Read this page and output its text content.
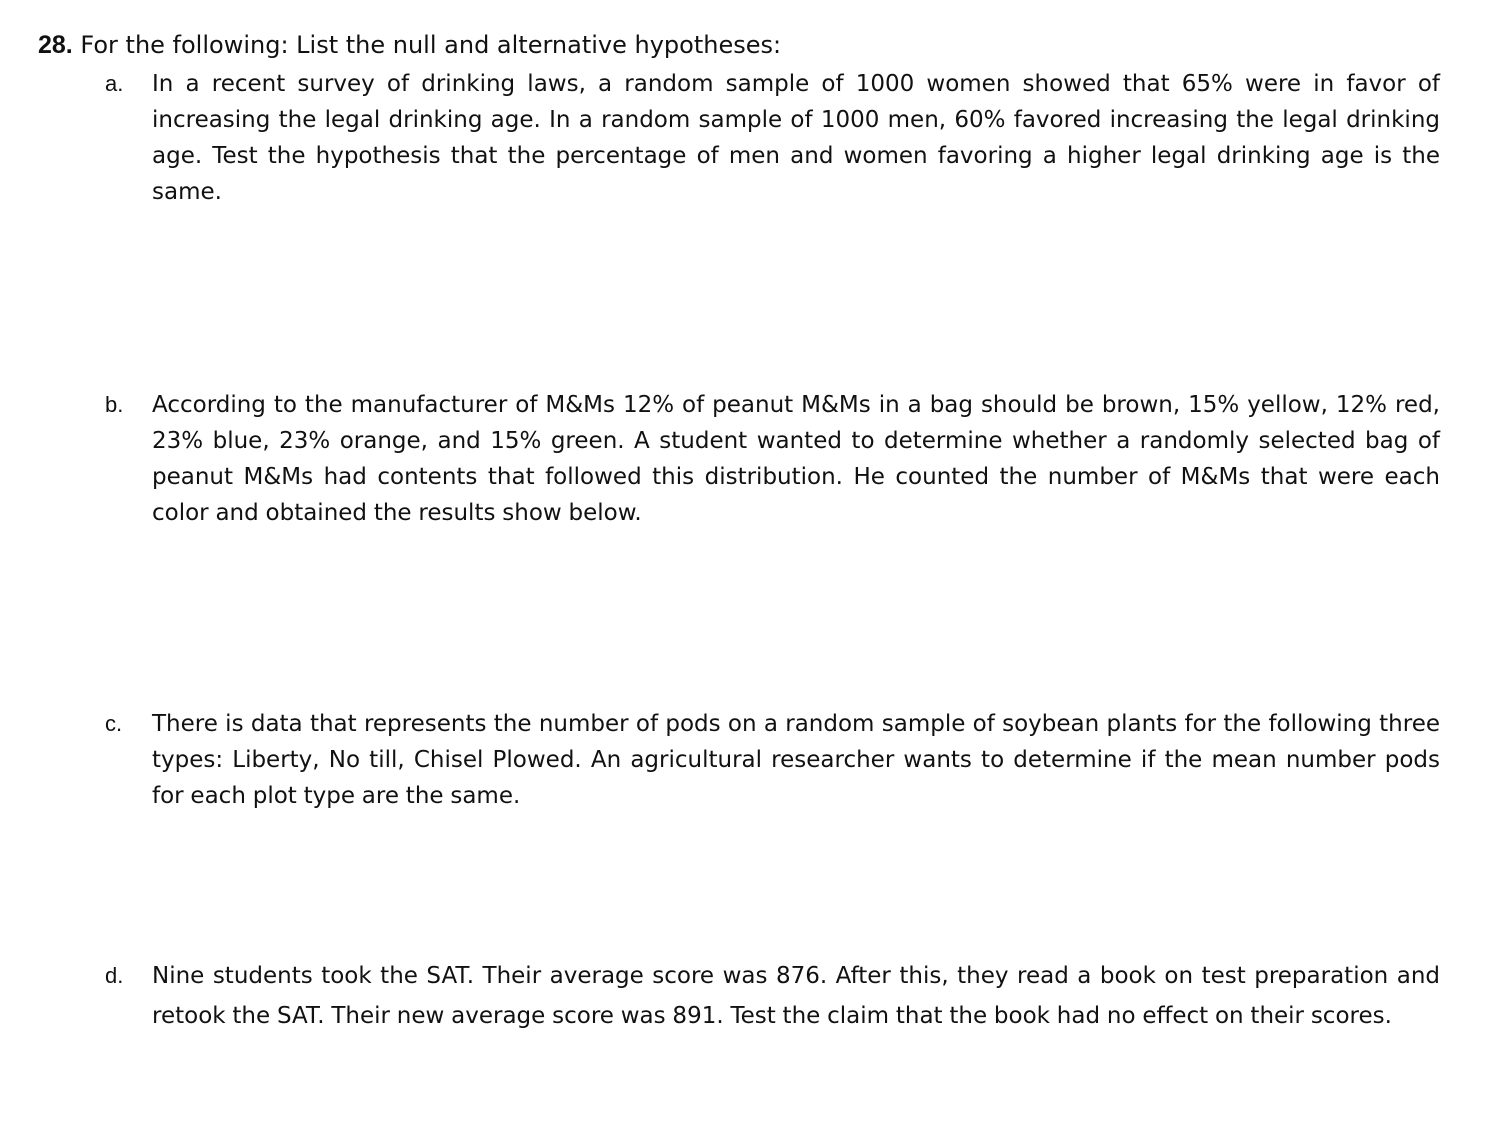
28. For the following: List the null and alternative hypotheses:
a. In a recent survey of drinking laws, a random sample of 1000 women showed that 65% were in favor of increasing the legal drinking age. In a random sample of 1000 men, 60% favored increasing the legal drinking age. Test the hypothesis that the percentage of men and women favoring a higher legal drinking age is the same.
b. According to the manufacturer of M&Ms 12% of peanut M&Ms in a bag should be brown, 15% yellow, 12% red, 23% blue, 23% orange, and 15% green. A student wanted to determine whether a randomly selected bag of peanut M&Ms had contents that followed this distribution. He counted the number of M&Ms that were each color and obtained the results show below.
c. There is data that represents the number of pods on a random sample of soybean plants for the following three types: Liberty, No till, Chisel Plowed. An agricultural researcher wants to determine if the mean number pods for each plot type are the same.
d. Nine students took the SAT. Their average score was 876. After this, they read a book on test preparation and retook the SAT. Their new average score was 891. Test the claim that the book had no effect on their scores.
